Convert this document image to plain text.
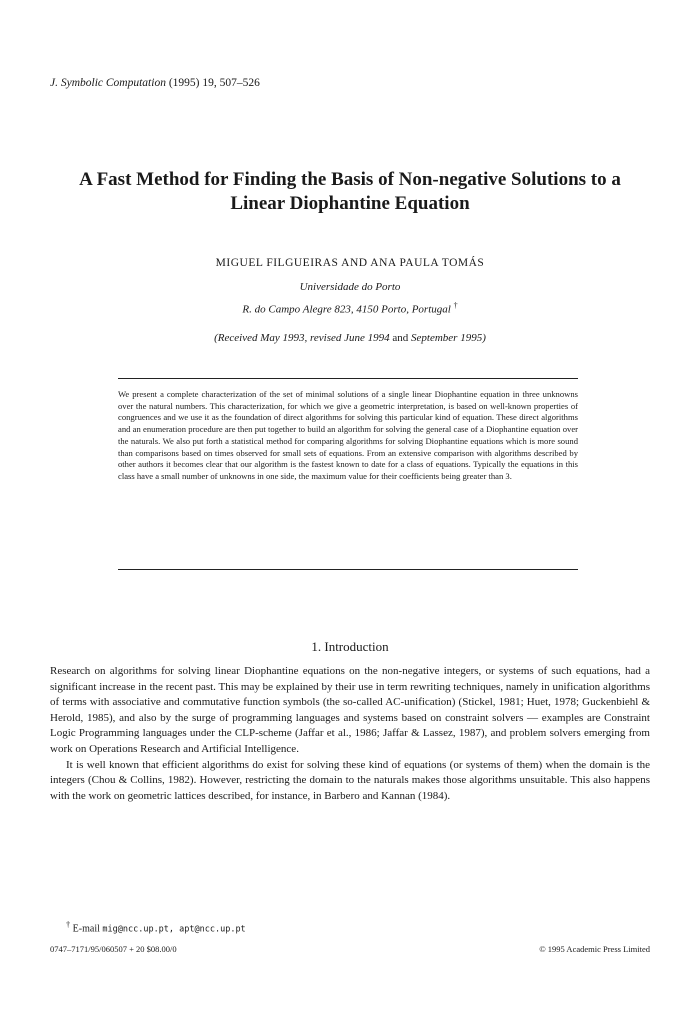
J. Symbolic Computation (1995) 19, 507–526
A Fast Method for Finding the Basis of Non-negative Solutions to a Linear Diophantine Equation
MIGUEL FILGUEIRAS AND ANA PAULA TOMÁS
Universidade do Porto
R. do Campo Alegre 823, 4150 Porto, Portugal †
(Received May 1993, revised June 1994 and September 1995)
We present a complete characterization of the set of minimal solutions of a single linear Diophantine equation in three unknowns over the natural numbers. This characterization, for which we give a geometric interpretation, is based on well-known properties of congruences and we use it as the foundation of direct algorithms for solving this particular kind of equation. These direct algorithms and an enumeration procedure are then put together to build an algorithm for solving the general case of a Diophantine equation over the naturals. We also put forth a statistical method for comparing algorithms for solving Diophantine equations which is more sound than comparisons based on times observed for small sets of equations. From an extensive comparison with algorithms described by other authors it becomes clear that our algorithm is the fastest known to date for a class of equations. Typically the equations in this class have a small number of unknowns in one side, the maximum value for their coefficients being greater than 3.
1. Introduction

Research on algorithms for solving linear Diophantine equations on the non-negative integers, or systems of such equations, had a significant increase in the recent past. This may be explained by their use in term rewriting techniques, namely in unification algorithms of terms with associative and commutative function symbols (the so-called AC-unification) (Stickel, 1981; Huet, 1978; Guckenbiehl & Herold, 1985), and also by the surge of programming languages and systems based on constraint solvers — examples are Constraint Logic Programming languages under the CLP-scheme (Jaffar et al., 1986; Jaffar & Lassez, 1987), and problem solvers emerging from work on Operations Research and Artificial Intelligence.

It is well known that efficient algorithms do exist for solving these kind of equations (or systems of them) when the domain is the integers (Chou & Collins, 1982). However, restricting the domain to the naturals makes those algorithms unsuitable. This also happens with the work on geometric lattices described, for instance, in Barbero and Kannan (1984).

† E-mail mig@ncc.up.pt, apt@ncc.up.pt
0747–7171/95/060507 + 20 $08.00/0	© 1995 Academic Press Limited
